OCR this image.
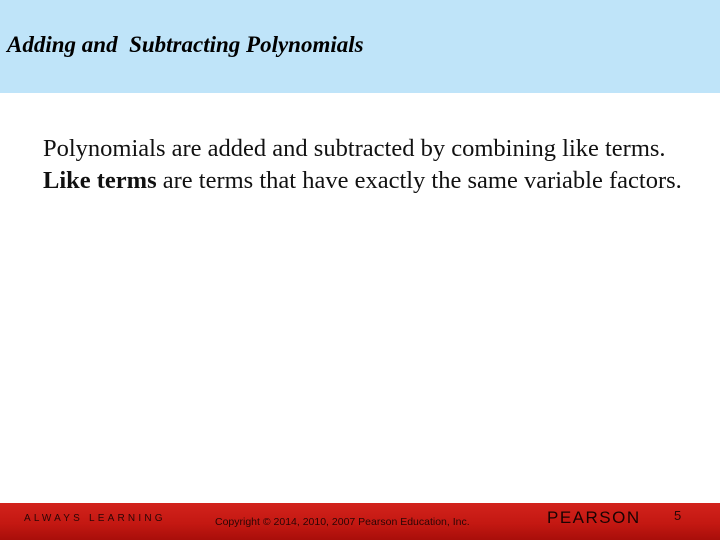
Adding and  Subtracting Polynomials
Polynomials are added and subtracted by combining like terms. Like terms are terms that have exactly the same variable factors.
ALWAYS LEARNING	Copyright © 2014, 2010, 2007 Pearson Education, Inc.	PEARSON	5
